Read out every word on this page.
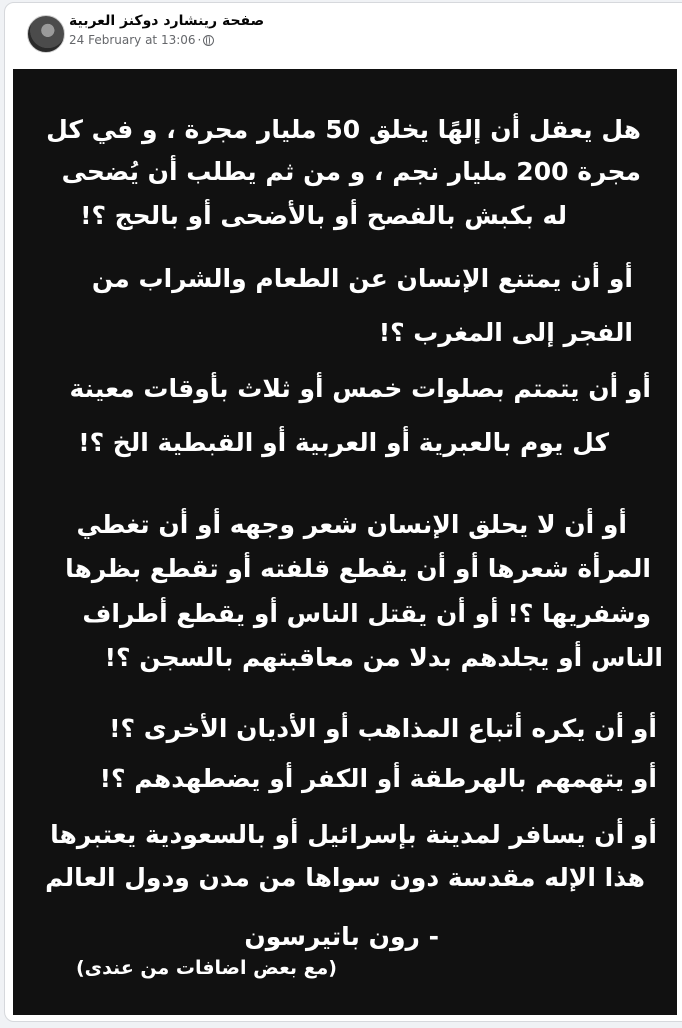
صفحة رينشارد دوكنز العربية
24 February at 13:06 ·
هل يعقل أن إلهًا يخلق 50 مليار مجرة ، و في كل
مجرة 200 مليار نجم ، و من ثم يطلب أن يُضحى
له بكبش بالفصح أو بالأضحى أو بالحج ؟!
أو أن يمتنع الإنسان عن الطعام والشراب من
الفجر إلى المغرب ؟!
أو أن يتمتم بصلوات خمس أو ثلاث بأوقات معينة
كل يوم بالعبرية أو العربية أو القبطية الخ ؟!
أو أن لا يحلق الإنسان شعر وجهه أو أن تغطي
المرأة شعرها أو أن يقطع قلفته أو تقطع بظرها
وشفريها ؟! أو أن يقتل الناس أو يقطع أطراف
الناس أو يجلدهم بدلا من معاقبتهم بالسجن ؟!
أو أن يكره أتباع المذاهب أو الأديان الأخرى ؟!
أو يتهمهم بالهرطقة أو الكفر أو يضطهدهم ؟!
أو أن يسافر لمدينة بإسرائيل أو بالسعودية يعتبرها
هذا الإله مقدسة دون سواها من مدن ودول العالم
- رون باتيرسون
(مع بعض اضافات من عندى)
